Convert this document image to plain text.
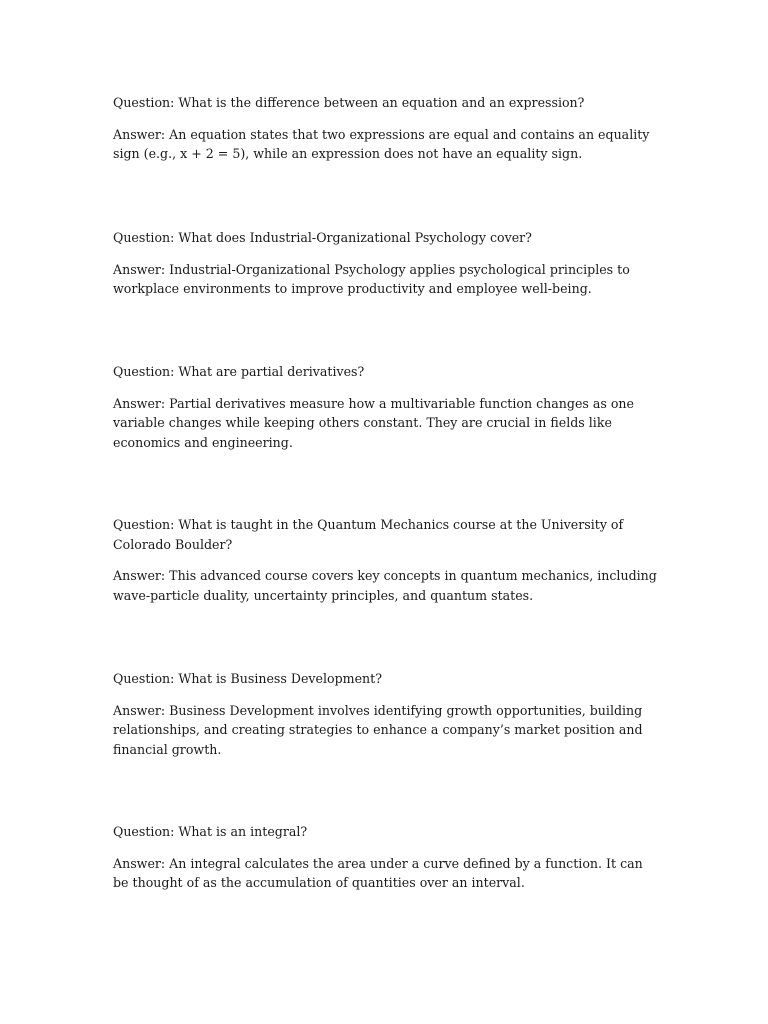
Question: What is the difference between an equation and an expression?

Answer: An equation states that two expressions are equal and contains an equality sign (e.g., x + 2 = 5), while an expression does not have an equality sign.

Question: What does Industrial-Organizational Psychology cover?

Answer: Industrial-Organizational Psychology applies psychological principles to workplace environments to improve productivity and employee well-being.

Question: What are partial derivatives?

Answer: Partial derivatives measure how a multivariable function changes as one variable changes while keeping others constant. They are crucial in fields like economics and engineering.

Question: What is taught in the Quantum Mechanics course at the University of Colorado Boulder?

Answer: This advanced course covers key concepts in quantum mechanics, including wave-particle duality, uncertainty principles, and quantum states.

Question: What is Business Development?

Answer: Business Development involves identifying growth opportunities, building relationships, and creating strategies to enhance a company’s market position and financial growth.

Question: What is an integral?

Answer: An integral calculates the area under a curve defined by a function. It can be thought of as the accumulation of quantities over an interval.
